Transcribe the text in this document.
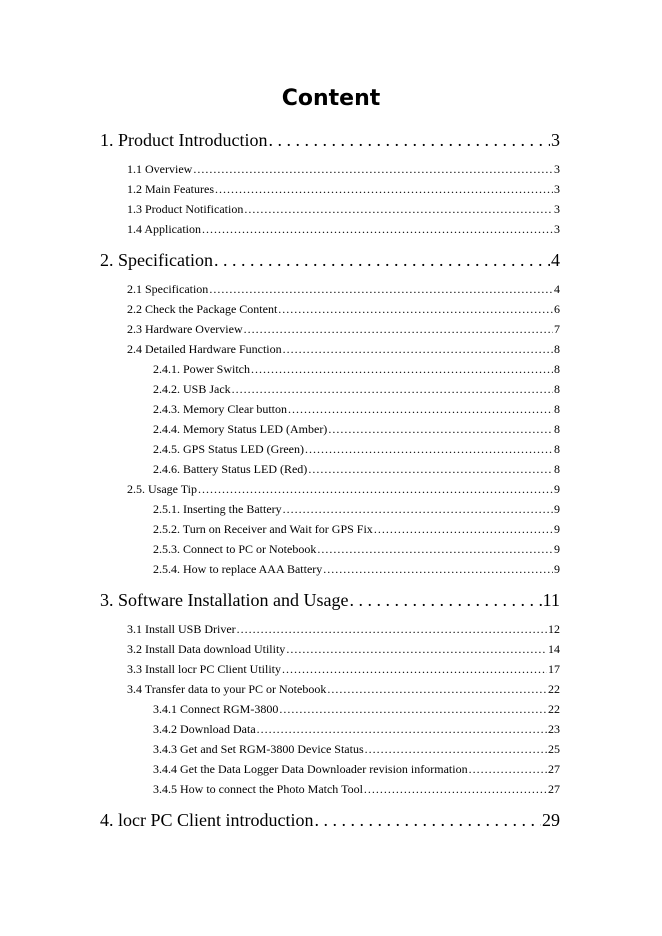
Content
1. Product Introduction . . .	3
1.1 Overview . . .	3
1.2 Main Features . . .	3
1.3 Product Notification . . .	3
1.4 Application . . .	3
2. Specification . . .	4
2.1 Specification . . .	4
2.2 Check the Package Content . . .	6
2.3 Hardware Overview . . .	7
2.4 Detailed Hardware Function . . .	8
2.4.1. Power Switch . . .	8
2.4.2. USB Jack . . .	8
2.4.3. Memory Clear button . . .	8
2.4.4. Memory Status LED (Amber) . . .	8
2.4.5. GPS Status LED (Green) . . .	8
2.4.6. Battery Status LED (Red) . . .	8
2.5. Usage Tip . . .	9
2.5.1. Inserting the Battery . . .	9
2.5.2. Turn on Receiver and Wait for GPS Fix . . .	9
2.5.3. Connect to PC or Notebook . . .	9
2.5.4. How to replace AAA Battery . . .	9
3. Software Installation and Usage . . .	11
3.1 Install USB Driver . . .	12
3.2 Install Data download Utility . . .	14
3.3 Install locr PC Client Utility . . .	17
3.4 Transfer data to your PC or Notebook . . .	22
3.4.1 Connect RGM-3800 . . .	22
3.4.2 Download Data . . .	23
3.4.3 Get and Set RGM-3800 Device Status . . .	25
3.4.4 Get the Data Logger Data Downloader revision information . . .	27
3.4.5 How to connect the Photo Match Tool . . .	27
4. locr PC Client introduction . . .	29
